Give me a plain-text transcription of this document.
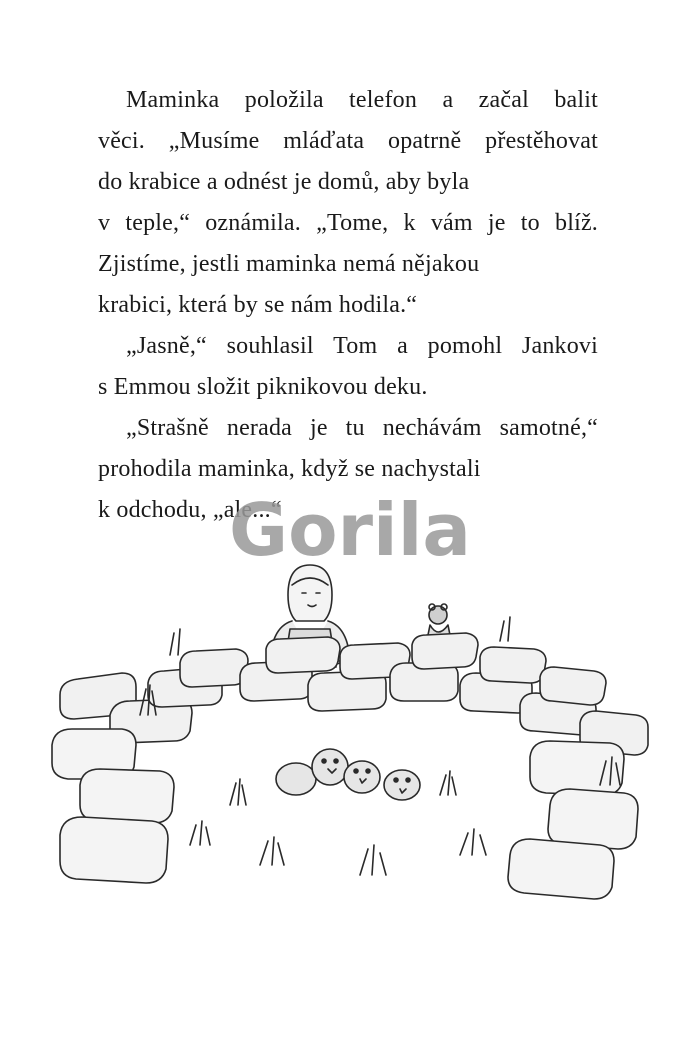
Maminka položila telefon a začal balit
věci. „Musíme mláďata opatrně přestěhovat
do krabice a odnést je domů, aby byla
v teple,“ oznámila. „Tome, k vám je to blíž.
Zjistíme, jestli maminka nemá nějakou
krabici, která by se nám hodila.“
„Jasně,“ souhlasil Tom a pomohl Jankovi
s Emmou složit piknikovou deku.
„Strašně nerada je tu nechávám samotné,“
prohodila maminka, když se nachystali
k odchodu, „ale...“
Gorila
